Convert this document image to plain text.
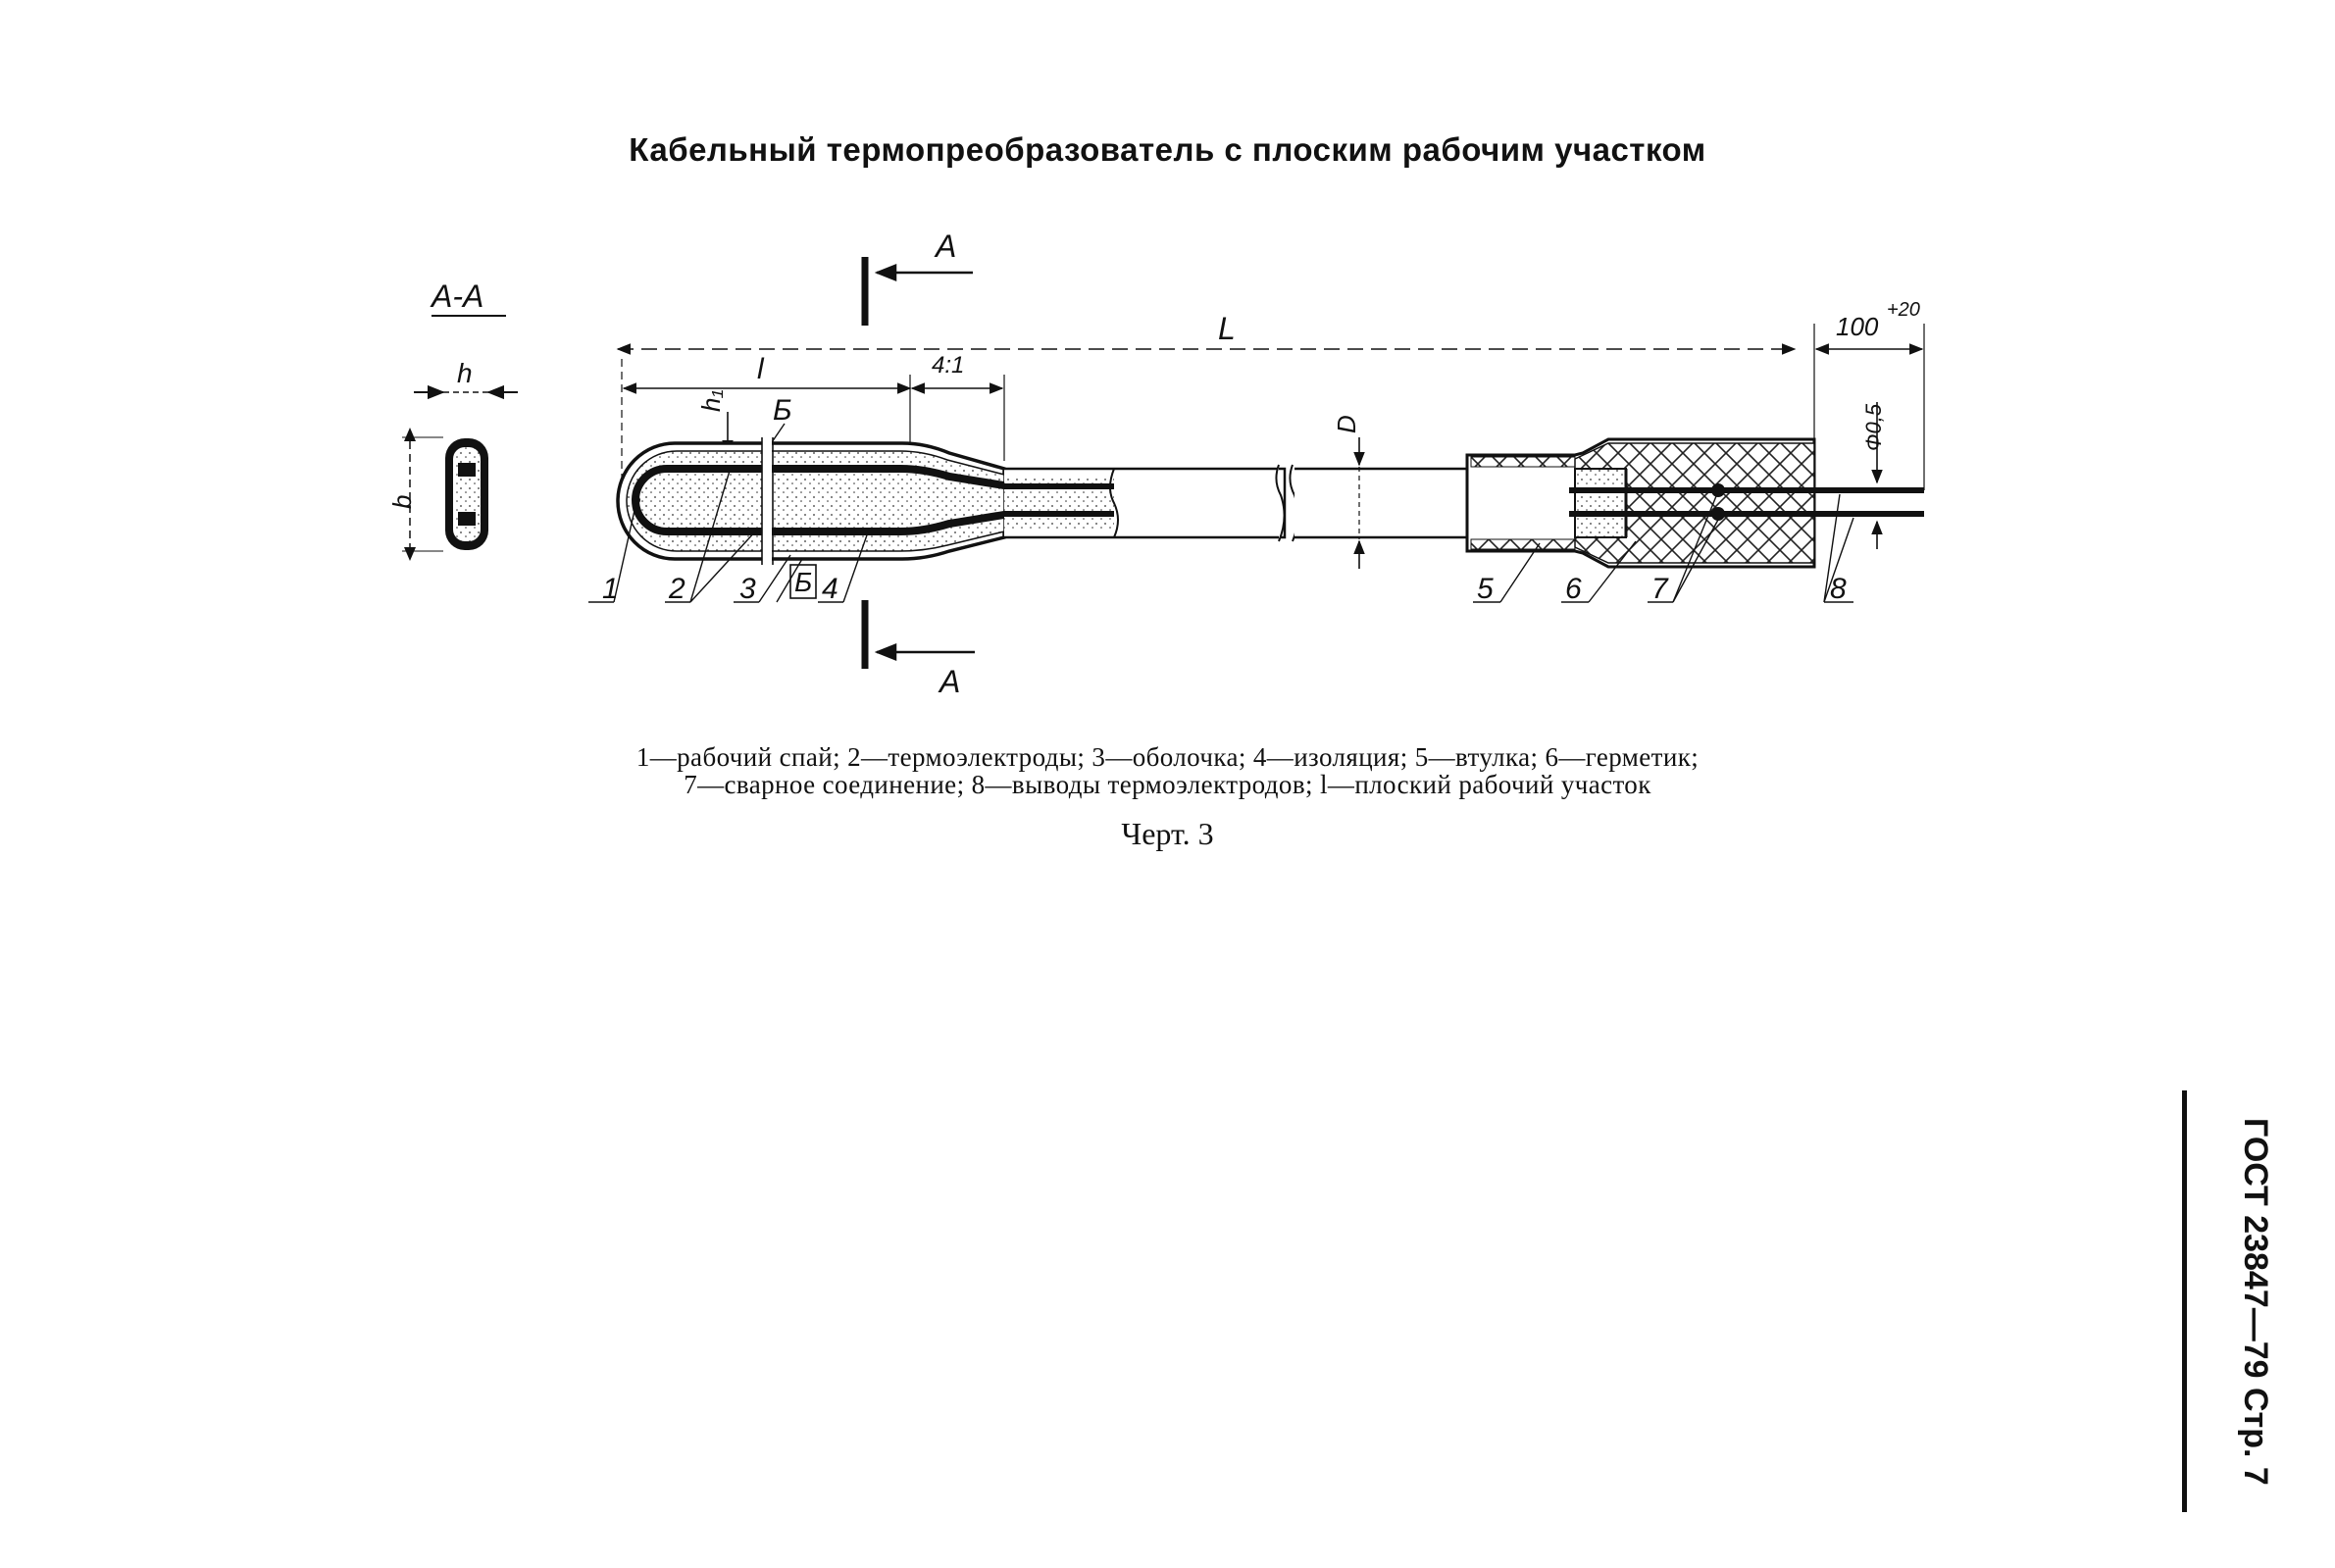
Кабельный термопреобразователь с плоским рабочим участком
A-A
h
b
А
А
L
l	4:1
h₁ Б	D
100
+20
Ф0,5
1 2 3 Б 4	5 6 7	8

1—рабочий спай; 2—термоэлектроды; 3—оболочка; 4—изоляция; 5—втулка; 6—герметик;

7—сварное соединение; 8—выводы термоэлектродов; l—плоский рабочий участок

Черт. 3

ГОСТ 23847—79 Стр. 7
